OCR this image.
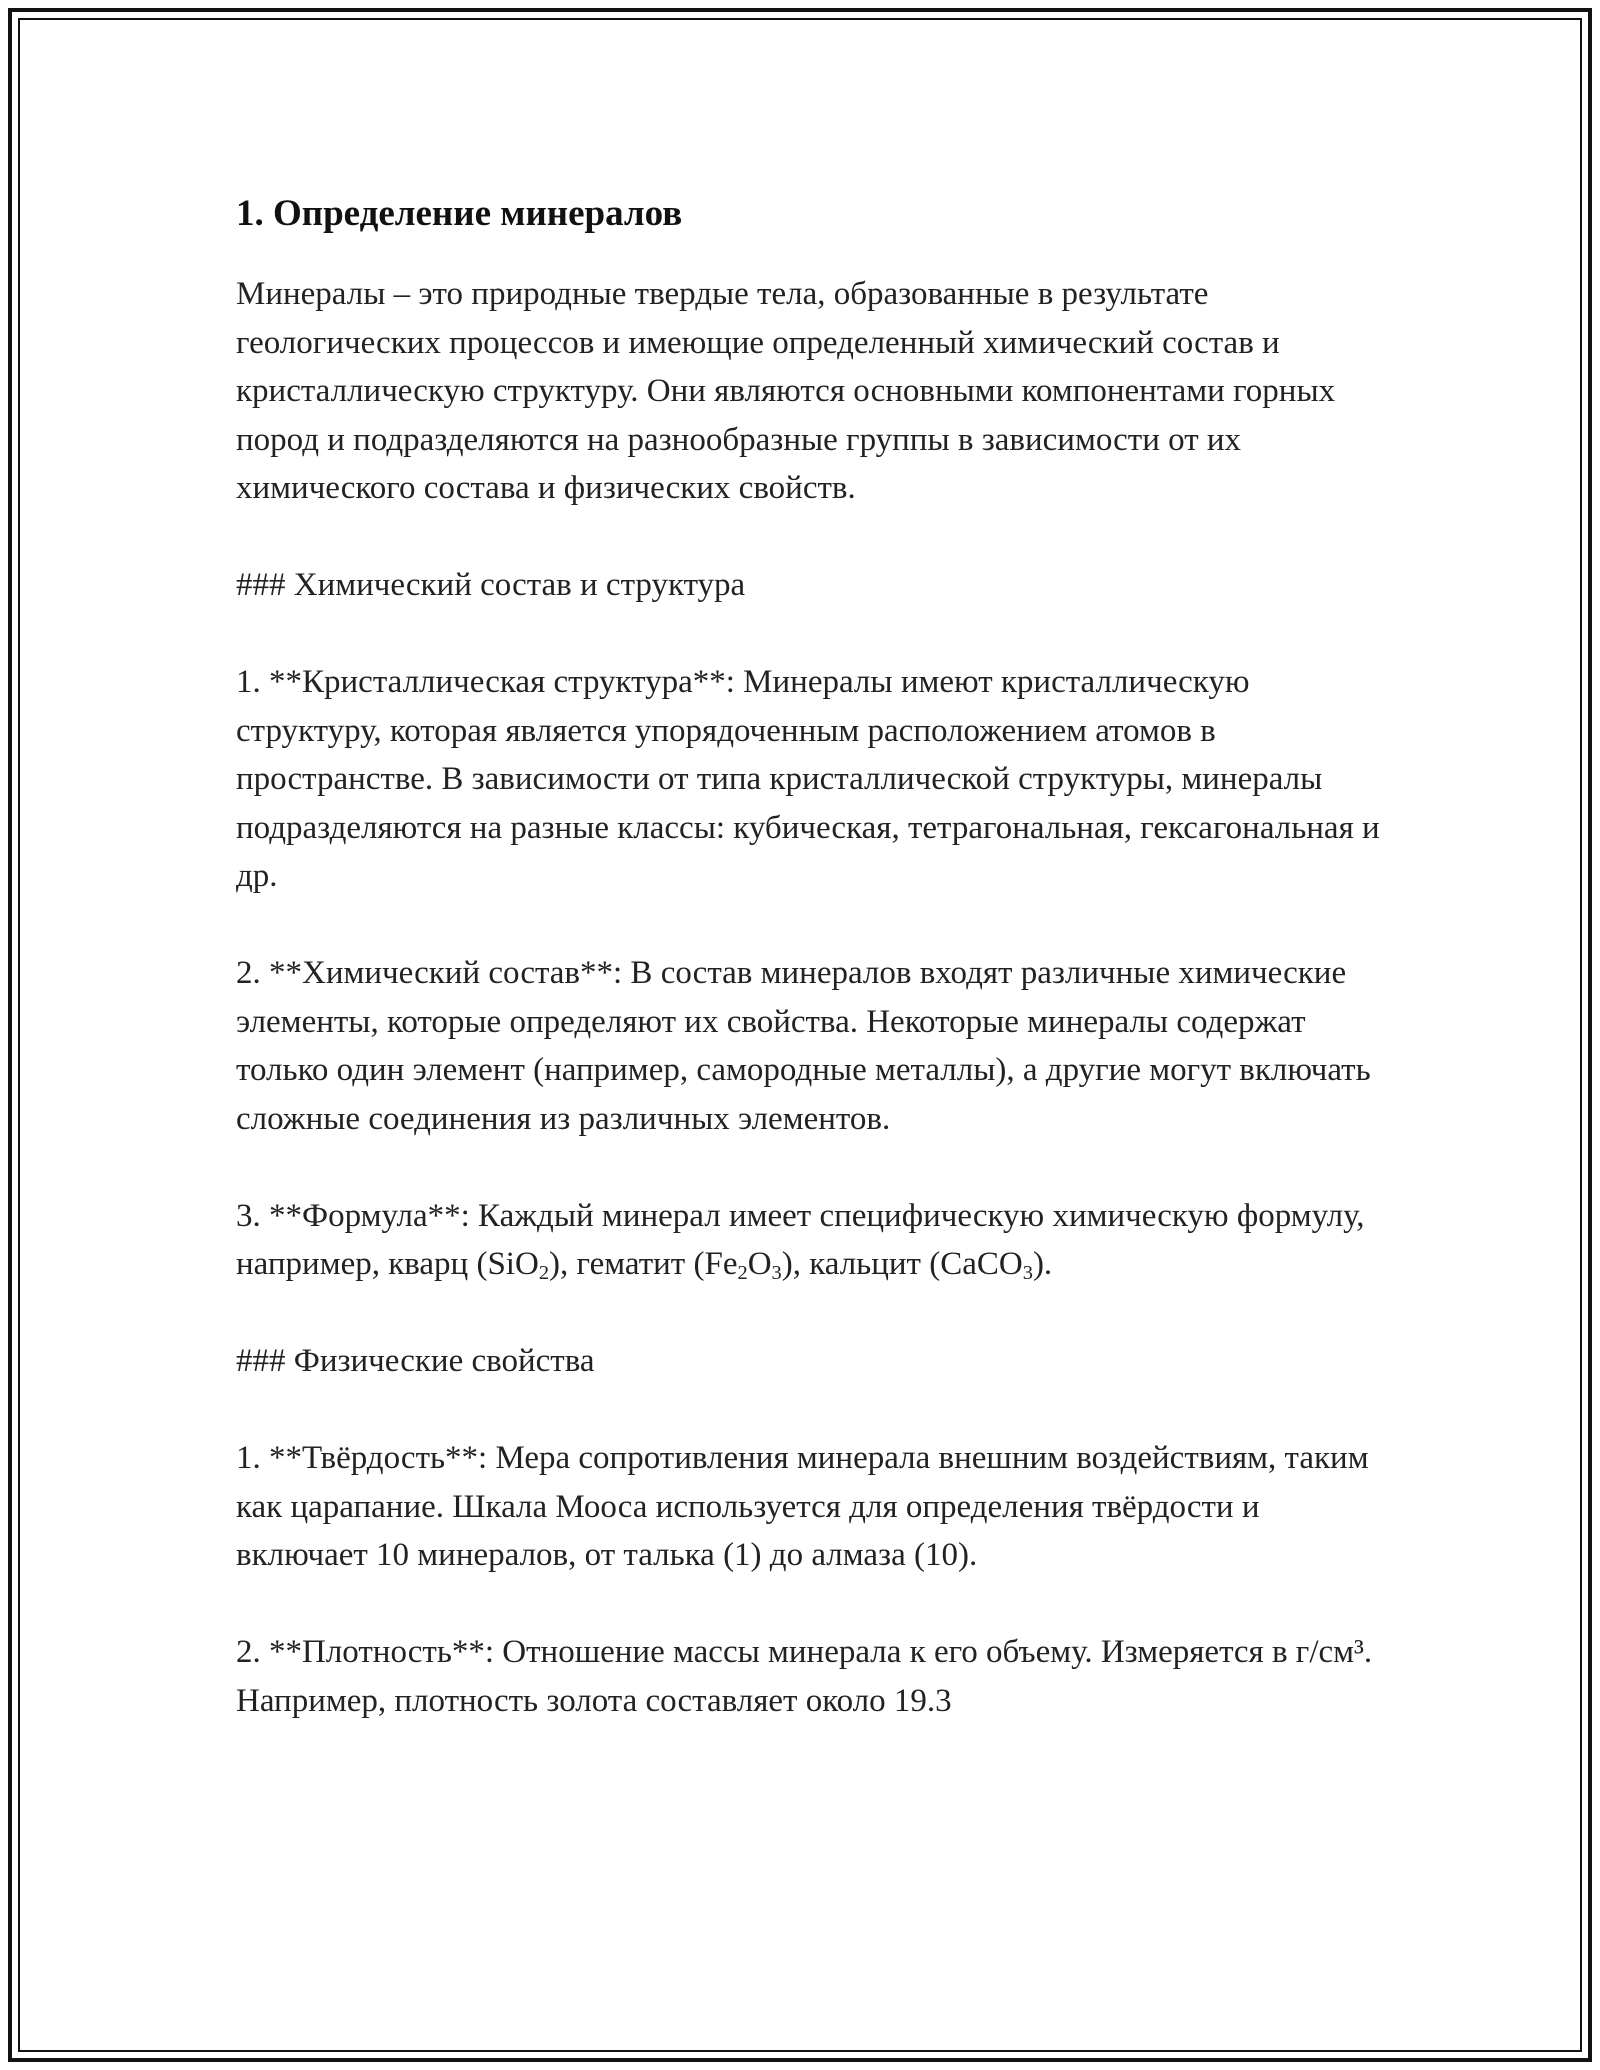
1. Определение минералов

Минералы – это природные твердые тела, образованные в результате геологических процессов и имеющие определенный химический состав и кристаллическую структуру. Они являются основными компонентами горных пород и подразделяются на разнообразные группы в зависимости от их химического состава и физических свойств.

### Химический состав и структура

1. **Кристаллическая структура**: Минералы имеют кристаллическую структуру, которая является упорядоченным расположением атомов в пространстве. В зависимости от типа кристаллической структуры, минералы подразделяются на разные классы: кубическая, тетрагональная, гексагональная и др.

2. **Химический состав**: В состав минералов входят различные химические элементы, которые определяют их свойства. Некоторые минералы содержат только один элемент (например, самородные металлы), а другие могут включать сложные соединения из различных элементов.

3. **Формула**: Каждый минерал имеет специфическую химическую формулу, например, кварц (SiO$_2$), гематит $(Fe_2O_3)$, кальцит (CaCO$_3$).

### Физические свойства

1. **Твёрдость**: Мера сопротивления минерала внешним воздействиям, таким как царапание. Шкала Мооса используется для определения твёрдости и включает 10 минералов, от талька (1) до алмаза (10).

2. **Плотность**: Отношение массы минерала к его объему. Измеряется в г/см³. Например, плотность золота составляет около 19.3
